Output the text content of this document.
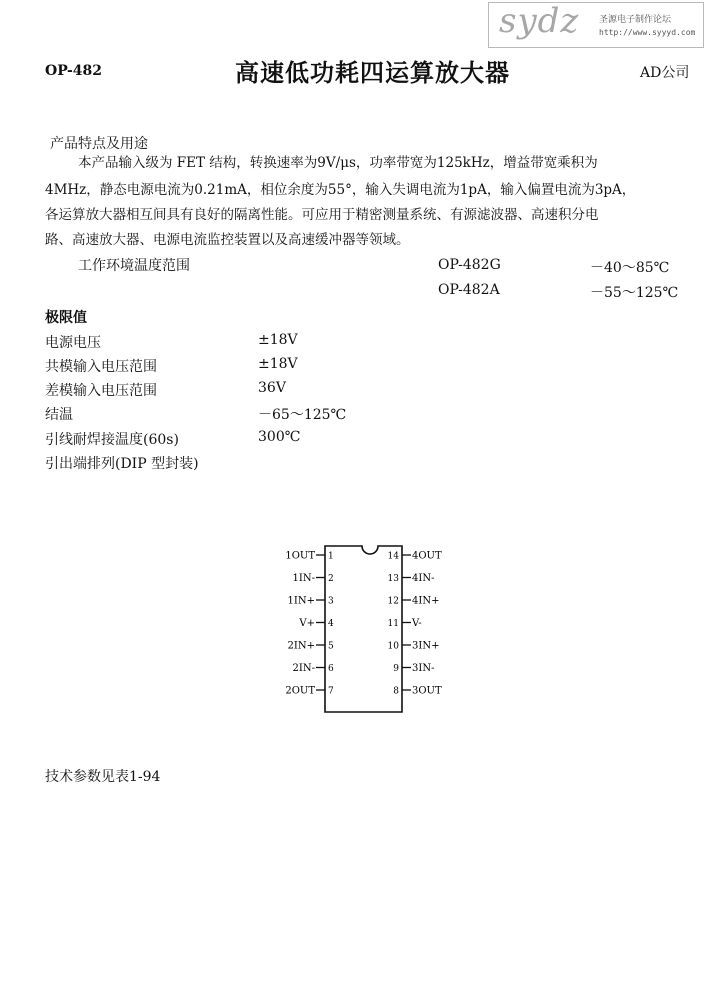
sydz 圣源电子制作论坛
http://www.syyyd.com
OP-482	高速低功耗四运算放大器	AD公司
产品特点及用途
本产品输入级为 FET 结构，转换速率为9V/μs，功率带宽为125kHz，增益带宽乘积为
4MHz，静态电源电流为0.21mA，相位余度为55°，输入失调电流为1pA，输入偏置电流为3pA，
各运算放大器相互间具有良好的隔离性能。可应用于精密测量系统、有源滤波器、高速积分电
路、高速放大器、电源电流监控装置以及高速缓冲器等领域。
工作环境温度范围	OP-482G	－40～85℃
OP-482A	－55～125℃
极限值
电源电压	±18V
共模输入电压范围	±18V
差模输入电压范围	36V
结温	－65～125℃
引线耐焊接温度(60s)	300℃
引出端排列(DIP 型封装)
1OUT 1
1IN- 2
1IN+ 3
V+ 4
2IN+ 5
2IN- 6
2OUT 7
4OUT
14
4IN-
13
4IN+
12
V-
11
3IN+
10
3IN-
9
3OUT
8
技术参数见表1-94
